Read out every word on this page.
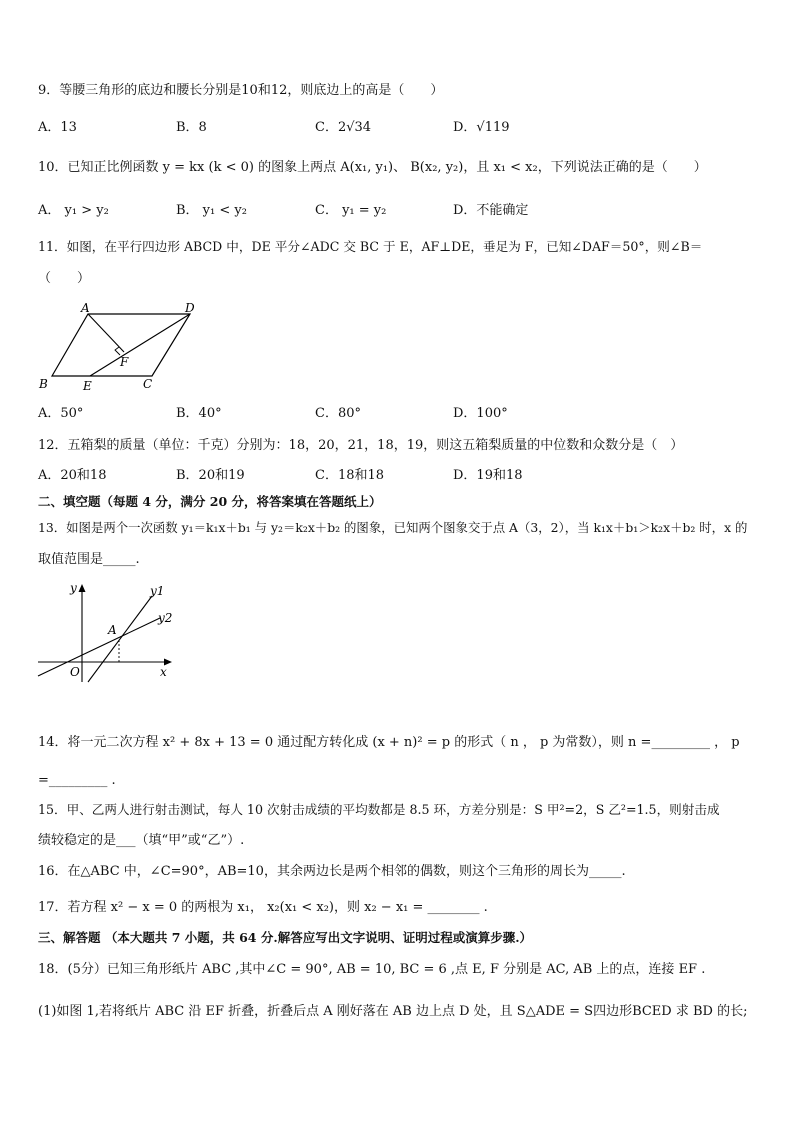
9．等腰三角形的底边和腰长分别是10和12，则底边上的高是（　　）
A．13	B．8	C．2√34	D．√119
10．已知正比例函数 y = kx (k < 0) 的图象上两点 A(x₁, y₁)、 B(x₂, y₂)，且 x₁ < x₂，下列说法正确的是（　　）
A． y₁ > y₂	B． y₁ < y₂	C． y₁ = y₂	D．不能确定
11．如图，在平行四边形 ABCD 中，DE 平分∠ADC 交 BC 于 E，AF⊥DE，垂足为 F，已知∠DAF＝50°，则∠B＝
（　　）
A	D
F
B	E	C
A．50°	B．40°	C．80°	D．100°
12．五箱梨的质量（单位：千克）分别为：18，20，21，18，19，则这五箱梨质量的中位数和众数分是（　）
A．20和18	B．20和19	C．18和18	D．19和18
二、填空题（每题 4 分，满分 20 分，将答案填在答题纸上）
13．如图是两个一次函数 y₁＝k₁x＋b₁ 与 y₂＝k₂x＋b₂ 的图象，已知两个图象交于点 A（3，2），当 k₁x＋b₁＞k₂x＋b₂ 时，x 的
取值范围是_____.
y	y1
y2
A
O	x
14．将一元二次方程 x² + 8x + 13 = 0 通过配方转化成 (x + n)² = p 的形式（ n ， p 为常数），则 n =_________ ， p
=_________ .
15．甲、乙两人进行射击测试，每人 10 次射击成绩的平均数都是 8.5 环，方差分别是：S 甲²=2，S 乙²=1.5，则射击成
绩较稳定的是___（填“甲”或“乙”）.
16．在△ABC 中，∠C=90°，AB=10，其余两边长是两个相邻的偶数，则这个三角形的周长为_____.
17．若方程 x² − x = 0 的两根为 x₁， x₂(x₁ < x₂)，则 x₂ − x₁ = ________ .
三、解答题 （本大题共 7 小题，共 64 分.解答应写出文字说明、证明过程或演算步骤.）
18．(5分）已知三角形纸片 ABC ,其中∠C = 90°, AB = 10, BC = 6 ,点 E, F 分别是 AC, AB 上的点，连接 EF .
(1)如图 1,若将纸片 ABC 沿 EF 折叠，折叠后点 A 刚好落在 AB 边上点 D 处，且 S△ADE = S四边形BCED 求 BD 的长;
